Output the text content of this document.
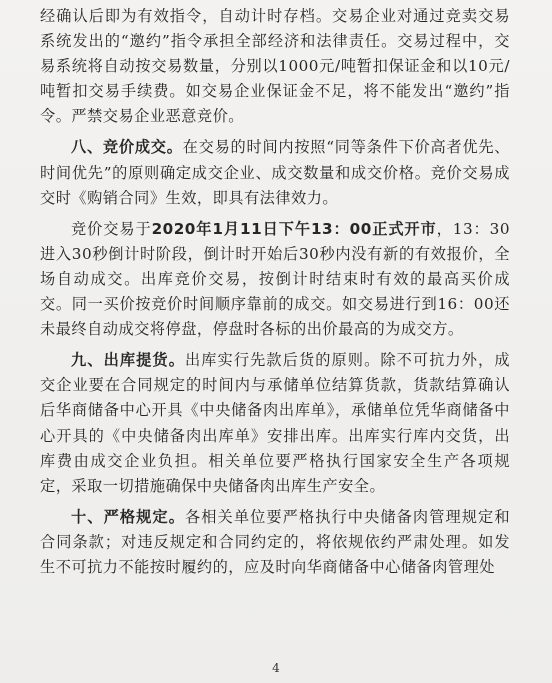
经确认后即为有效指令，自动计时存档。交易企业对通过竞卖交易系统发出的“邀约”指令承担全部经济和法律责任。交易过程中，交易系统将自动按交易数量，分别以1000元/吨暂扣保证金和以10元/吨暂扣交易手续费。如交易企业保证金不足，将不能发出“邀约”指令。严禁交易企业恶意竞价。

八、竞价成交。在交易的时间内按照“同等条件下价高者优先、时间优先”的原则确定成交企业、成交数量和成交价格。竞价交易成交时《购销合同》生效，即具有法律效力。

竞价交易于2020年1月11日下午13：00正式开市，13：30进入30秒倒计时阶段，倒计时开始后30秒内没有新的有效报价，全场自动成交。出库竞价交易，按倒计时结束时有效的最高买价成交。同一买价按竞价时间顺序靠前的成交。如交易进行到16：00还未最终自动成交将停盘，停盘时各标的出价最高的为成交方。

九、出库提货。出库实行先款后货的原则。除不可抗力外，成交企业要在合同规定的时间内与承储单位结算货款，货款结算确认后华商储备中心开具《中央储备肉出库单》，承储单位凭华商储备中心开具的《中央储备肉出库单》安排出库。出库实行库内交货，出库费由成交企业负担。相关单位要严格执行国家安全生产各项规定，采取一切措施确保中央储备肉出库生产安全。

十、严格规定。各相关单位要严格执行中央储备肉管理规定和合同条款；对违反规定和合同约定的，将依规依约严肃处理。如发生不可抗力不能按时履约的，应及时向华商储备中心储备肉管理处

4
